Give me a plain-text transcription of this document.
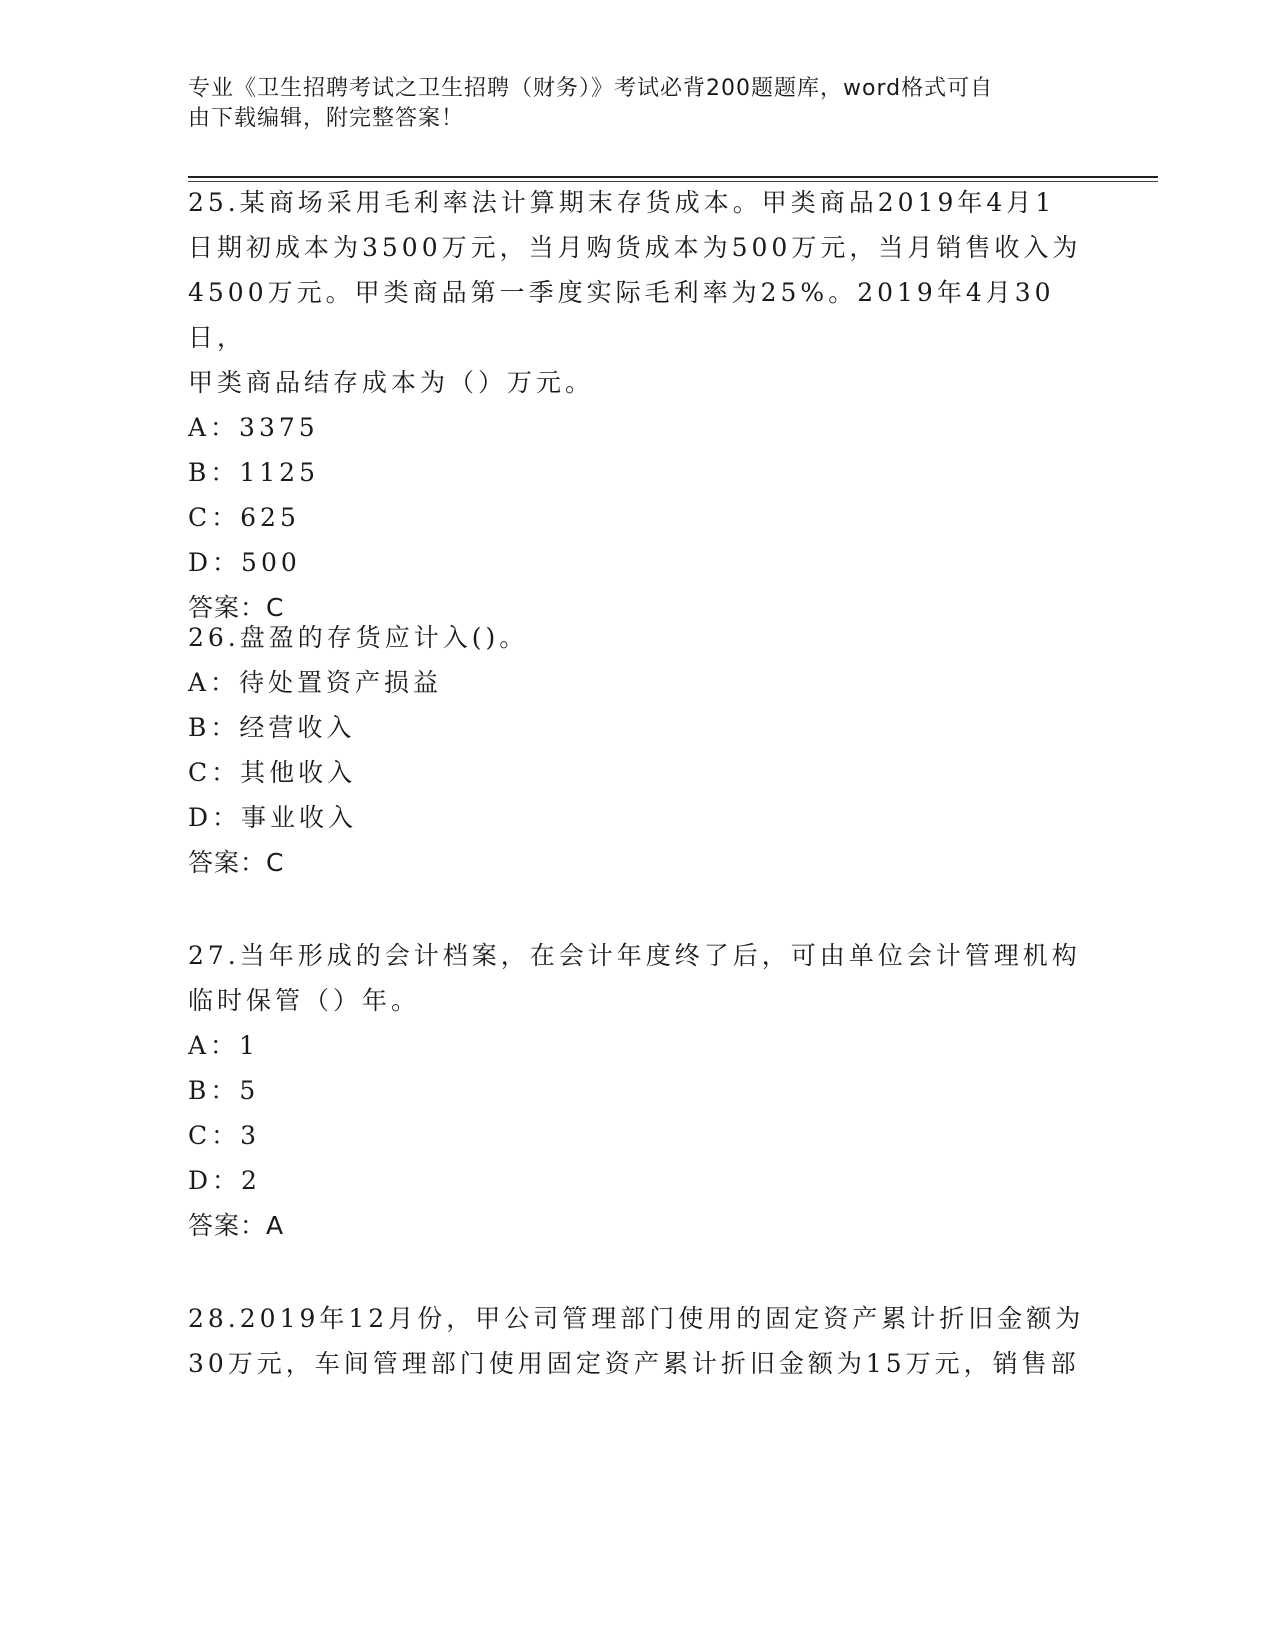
专业《卫生招聘考试之卫生招聘（财务）》考试必背200题题库，word格式可自
由下载编辑，附完整答案！

25.某商场采用毛利率法计算期末存货成本。甲类商品2019年4月1

日期初成本为3500万元，当月购货成本为500万元，当月销售收入为

4500万元。甲类商品第一季度实际毛利率为25%。2019年4月30日，

甲类商品结存成本为（）万元。

A：3375

B：1125

C：625

D：500

答案：C

26.盘盈的存货应计入()。

A：待处置资产损益

B：经营收入

C：其他收入

D：事业收入

答案：C

27.当年形成的会计档案，在会计年度终了后，可由单位会计管理机构

临时保管（）年。

A：1

B：5

C：3

D：2

答案：A

28.2019年12月份，甲公司管理部门使用的固定资产累计折旧金额为

30万元，车间管理部门使用固定资产累计折旧金额为15万元，销售部
